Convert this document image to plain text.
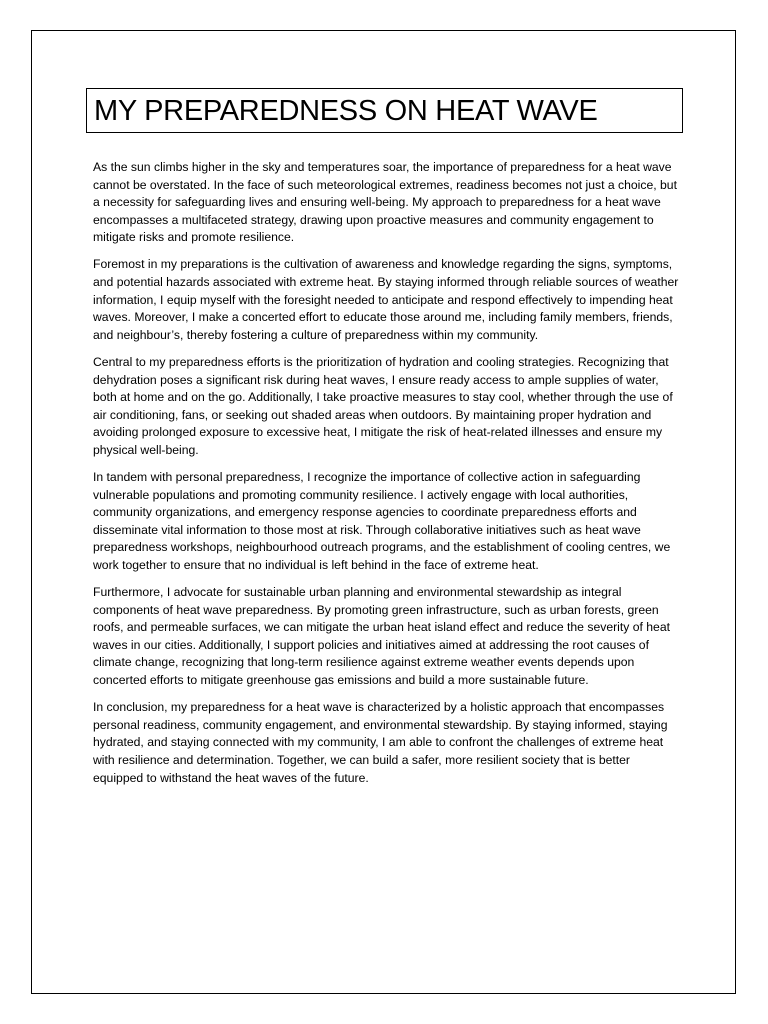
MY PREPAREDNESS ON HEAT WAVE

As the sun climbs higher in the sky and temperatures soar, the importance of preparedness for a heat wave cannot be overstated. In the face of such meteorological extremes, readiness becomes not just a choice, but a necessity for safeguarding lives and ensuring well-being. My approach to preparedness for a heat wave encompasses a multifaceted strategy, drawing upon proactive measures and community engagement to mitigate risks and promote resilience.

Foremost in my preparations is the cultivation of awareness and knowledge regarding the signs, symptoms, and potential hazards associated with extreme heat. By staying informed through reliable sources of weather information, I equip myself with the foresight needed to anticipate and respond effectively to impending heat waves. Moreover, I make a concerted effort to educate those around me, including family members, friends, and neighbour’s, thereby fostering a culture of preparedness within my community.

Central to my preparedness efforts is the prioritization of hydration and cooling strategies. Recognizing that dehydration poses a significant risk during heat waves, I ensure ready access to ample supplies of water, both at home and on the go. Additionally, I take proactive measures to stay cool, whether through the use of air conditioning, fans, or seeking out shaded areas when outdoors. By maintaining proper hydration and avoiding prolonged exposure to excessive heat, I mitigate the risk of heat-related illnesses and ensure my physical well-being.

In tandem with personal preparedness, I recognize the importance of collective action in safeguarding vulnerable populations and promoting community resilience. I actively engage with local authorities, community organizations, and emergency response agencies to coordinate preparedness efforts and disseminate vital information to those most at risk. Through collaborative initiatives such as heat wave preparedness workshops, neighbourhood outreach programs, and the establishment of cooling centres, we work together to ensure that no individual is left behind in the face of extreme heat.

Furthermore, I advocate for sustainable urban planning and environmental stewardship as integral components of heat wave preparedness. By promoting green infrastructure, such as urban forests, green roofs, and permeable surfaces, we can mitigate the urban heat island effect and reduce the severity of heat waves in our cities. Additionally, I support policies and initiatives aimed at addressing the root causes of climate change, recognizing that long-term resilience against extreme weather events depends upon concerted efforts to mitigate greenhouse gas emissions and build a more sustainable future.

In conclusion, my preparedness for a heat wave is characterized by a holistic approach that encompasses personal readiness, community engagement, and environmental stewardship. By staying informed, staying hydrated, and staying connected with my community, I am able to confront the challenges of extreme heat with resilience and determination. Together, we can build a safer, more resilient society that is better equipped to withstand the heat waves of the future.
